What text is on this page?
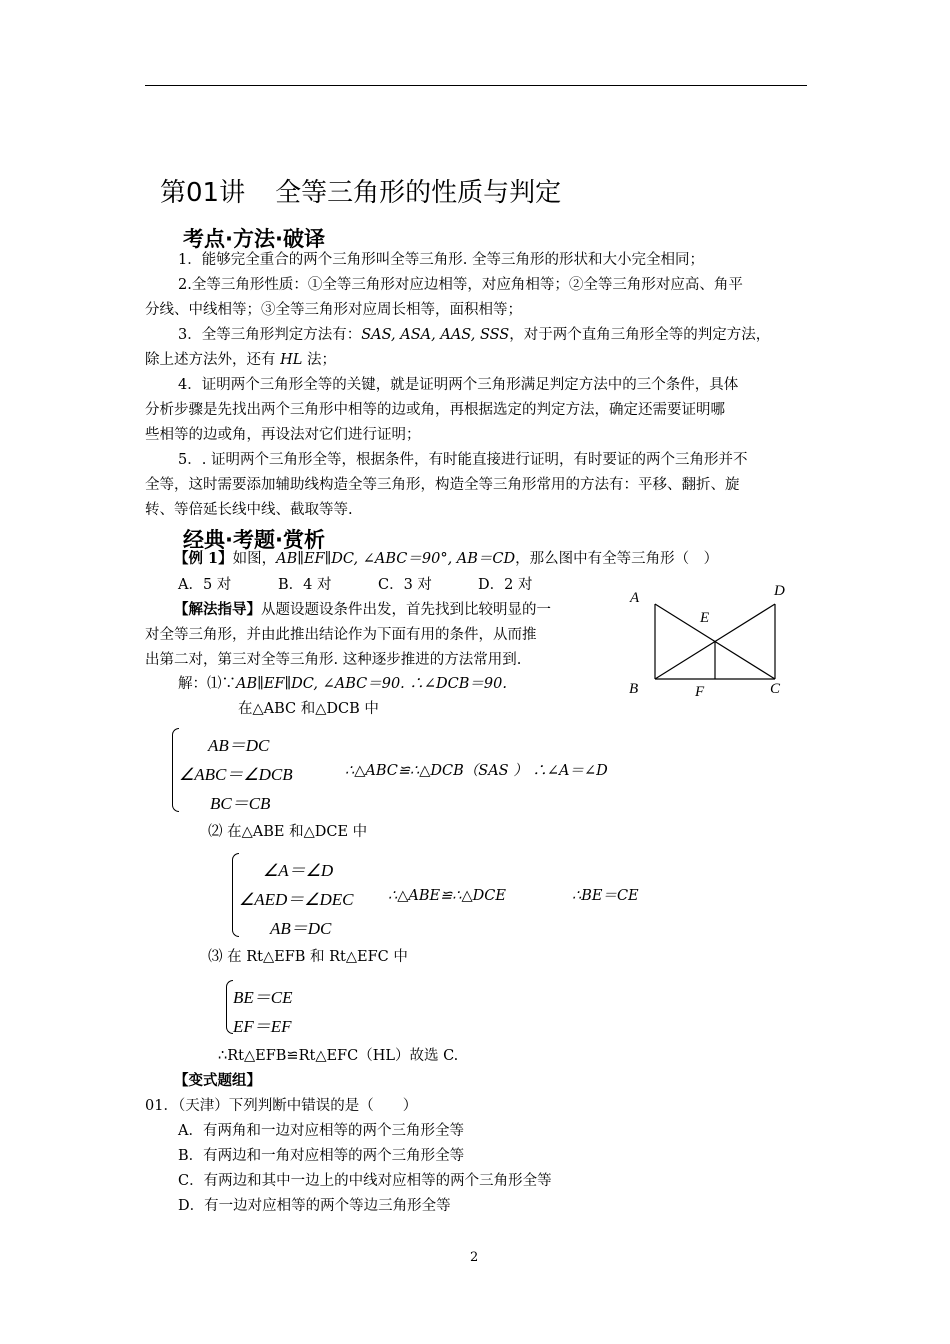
第01讲 全等三角形的性质与判定
考点·方法·破译
1．能够完全重合的两个三角形叫全等三角形. 全等三角形的形状和大小完全相同；
2.全等三角形性质：①全等三角形对应边相等，对应角相等；②全等三角形对应高、角平
分线、中线相等；③全等三角形对应周长相等，面积相等；
3．全等三角形判定方法有：SAS, ASA, AAS, SSS，对于两个直角三角形全等的判定方法，
除上述方法外，还有 HL 法；
4．证明两个三角形全等的关键，就是证明两个三角形满足判定方法中的三个条件，具体
分析步骤是先找出两个三角形中相等的边或角，再根据选定的判定方法，确定还需要证明哪
些相等的边或角，再设法对它们进行证明；
5．. 证明两个三角形全等，根据条件，有时能直接进行证明，有时要证的两个三角形并不
全等，这时需要添加辅助线构造全等三角形，构造全等三角形常用的方法有：平移、翻折、旋
转、等倍延长线中线、截取等等.
经典·考题·赏析
【例 1】如图，AB∥EF∥DC, ∠ABC＝90°, AB＝CD，那么图中有全等三角形（　）
A．5 对	B．4 对	C．3 对	D．2 对
【解法指导】从题设题设条件出发，首先找到比较明显的一
对全等三角形，并由此推出结论作为下面有用的条件，从而推
出第二对，第三对全等三角形. 这种逐步推进的方法常用到.
A	D
E
B	F	C
解：⑴∵AB∥EF∥DC, ∠ABC＝90. ∴∠DCB＝90.
在△ABC 和△DCB 中
AB＝DC
∠ABC＝∠DCB
BC＝CB
∴△ABC≌∴△DCB（SAS ） ∴∠A＝∠D
⑵ 在△ABE 和△DCE 中
∠A＝∠D
∠AED＝∠DEC
AB＝DC
∴△ABE≌∴△DCE	∴BE＝CE
⑶ 在 Rt△EFB 和 Rt△EFC 中
BE＝CE
EF＝EF
∴Rt△EFB≌Rt△EFC（HL）故选 C.
【变式题组】
01．（天津）下列判断中错误的是（　　）
A．有两角和一边对应相等的两个三角形全等
B．有两边和一角对应相等的两个三角形全等
C．有两边和其中一边上的中线对应相等的两个三角形全等
D．有一边对应相等的两个等边三角形全等
2
